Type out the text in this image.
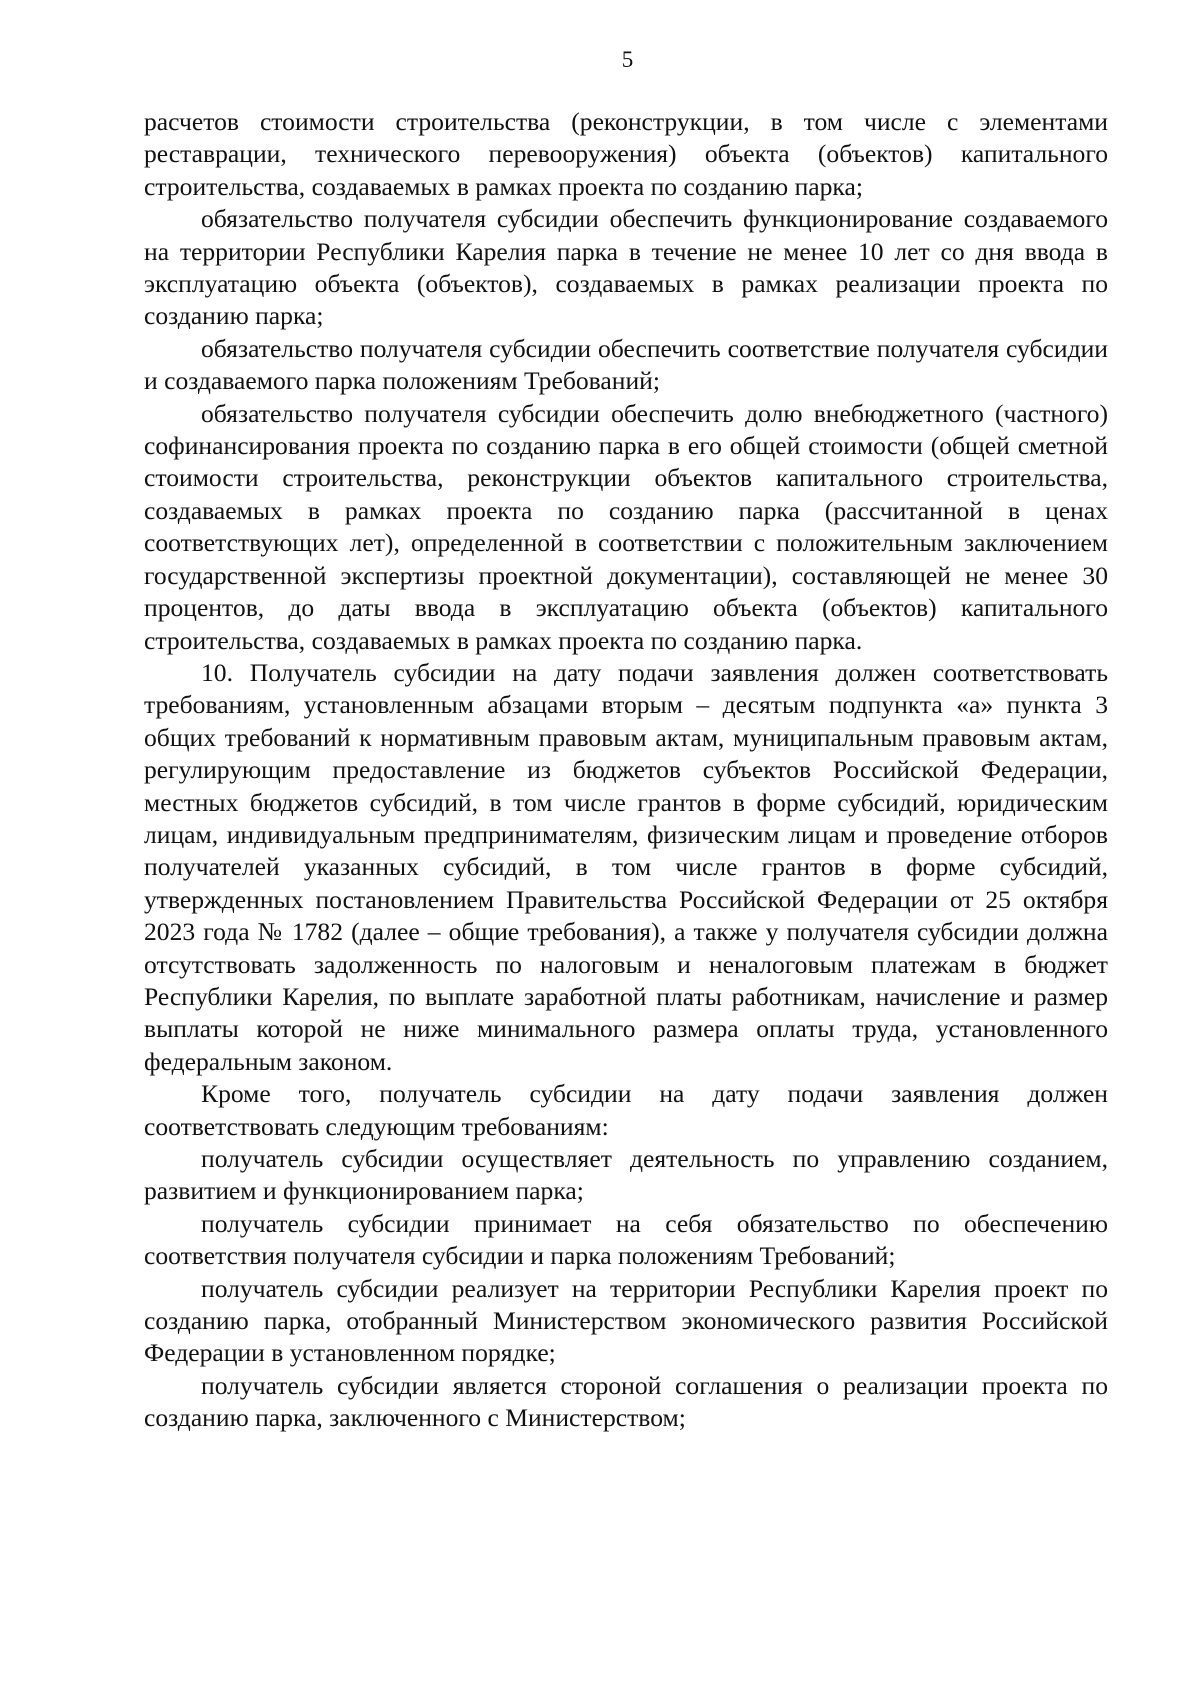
5

расчетов стоимости строительства (реконструкции, в том числе с элементами реставрации, технического перевооружения) объекта (объектов) капитального строительства, создаваемых в рамках проекта по созданию парка;

обязательство получателя субсидии обеспечить функционирование создаваемого на территории Республики Карелия парка в течение не менее 10 лет со дня ввода в эксплуатацию объекта (объектов), создаваемых в рамках реализации проекта по созданию парка;

обязательство получателя субсидии обеспечить соответствие получателя субсидии и создаваемого парка положениям Требований;

обязательство получателя субсидии обеспечить долю внебюджетного (частного) софинансирования проекта по созданию парка в его общей стоимости (общей сметной стоимости строительства, реконструкции объектов капитального строительства, создаваемых в рамках проекта по созданию парка (рассчитанной в ценах соответствующих лет), определенной в соответствии с положительным заключением государственной экспертизы проектной документации), составляющей не менее 30 процентов, до даты ввода в эксплуатацию объекта (объектов) капитального строительства, создаваемых в рамках проекта по созданию парка.

10. Получатель субсидии на дату подачи заявления должен соответствовать требованиям, установленным абзацами вторым – десятым подпункта «а» пункта 3 общих требований к нормативным правовым актам, муниципальным правовым актам, регулирующим предоставление из бюджетов субъектов Российской Федерации, местных бюджетов субсидий, в том числе грантов в форме субсидий, юридическим лицам, индивидуальным предпринимателям, физическим лицам и проведение отборов получателей указанных субсидий, в том числе грантов в форме субсидий, утвержденных постановлением Правительства Российской Федерации от 25 октября 2023 года № 1782 (далее – общие требования), а также у получателя субсидии должна отсутствовать задолженность по налоговым и неналоговым платежам в бюджет Республики Карелия, по выплате заработной платы работникам, начисление и размер выплаты которой не ниже минимального размера оплаты труда, установленного федеральным законом.

Кроме того, получатель субсидии на дату подачи заявления должен соответствовать следующим требованиям:

получатель субсидии осуществляет деятельность по управлению созданием, развитием и функционированием парка;

получатель субсидии принимает на себя обязательство по обеспечению соответствия получателя субсидии и парка положениям Требований;

получатель субсидии реализует на территории Республики Карелия проект по созданию парка, отобранный Министерством экономического развития Российской Федерации в установленном порядке;

получатель субсидии является стороной соглашения о реализации проекта по созданию парка, заключенного с Министерством;
